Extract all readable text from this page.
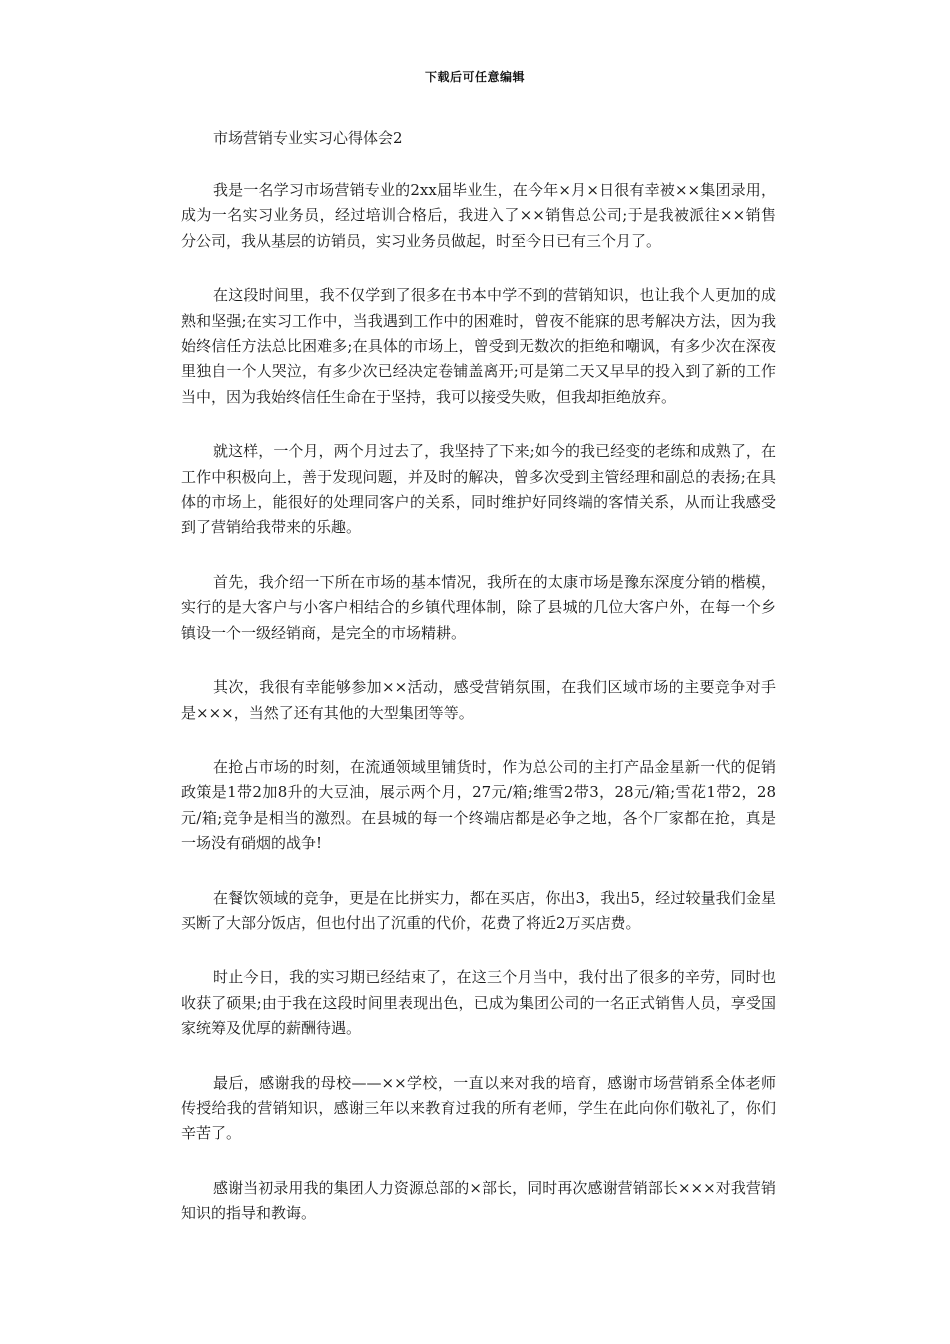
下载后可任意编辑
市场营销专业实习心得体会2

我是一名学习市场营销专业的2xx届毕业生，在今年×月×日很有幸被××集团录用，成为一名实习业务员，经过培训合格后，我进入了××销售总公司;于是我被派往××销售分公司，我从基层的访销员，实习业务员做起，时至今日已有三个月了。

在这段时间里，我不仅学到了很多在书本中学不到的营销知识，也让我个人更加的成熟和坚强;在实习工作中，当我遇到工作中的困难时，曾夜不能寐的思考解决方法，因为我始终信任方法总比困难多;在具体的市场上，曾受到无数次的拒绝和嘲讽，有多少次在深夜里独自一个人哭泣，有多少次已经决定卷铺盖离开;可是第二天又早早的投入到了新的工作当中，因为我始终信任生命在于坚持，我可以接受失败，但我却拒绝放弃。

就这样，一个月，两个月过去了，我坚持了下来;如今的我已经变的老练和成熟了，在工作中积极向上，善于发现问题，并及时的解决，曾多次受到主管经理和副总的表扬;在具体的市场上，能很好的处理同客户的关系，同时维护好同终端的客情关系，从而让我感受到了营销给我带来的乐趣。

首先，我介绍一下所在市场的基本情况，我所在的太康市场是豫东深度分销的楷模，实行的是大客户与小客户相结合的乡镇代理体制，除了县城的几位大客户外，在每一个乡镇设一个一级经销商，是完全的市场精耕。

其次，我很有幸能够参加××活动，感受营销氛围，在我们区域市场的主要竞争对手是×××，当然了还有其他的大型集团等等。

在抢占市场的时刻，在流通领域里铺货时，作为总公司的主打产品金星新一代的促销政策是1带2加8升的大豆油，展示两个月，27元/箱;维雪2带3，28元/箱;雪花1带2，28元/箱;竞争是相当的激烈。在县城的每一个终端店都是必争之地，各个厂家都在抢，真是一场没有硝烟的战争!

在餐饮领域的竞争，更是在比拼实力，都在买店，你出3，我出5，经过较量我们金星买断了大部分饭店，但也付出了沉重的代价，花费了将近2万买店费。

时止今日，我的实习期已经结束了，在这三个月当中，我付出了很多的辛劳，同时也收获了硕果;由于我在这段时间里表现出色，已成为集团公司的一名正式销售人员，享受国家统筹及优厚的薪酬待遇。

最后，感谢我的母校——××学校，一直以来对我的培育，感谢市场营销系全体老师传授给我的营销知识，感谢三年以来教育过我的所有老师，学生在此向你们敬礼了，你们辛苦了。

感谢当初录用我的集团人力资源总部的×部长，同时再次感谢营销部长×××对我营销知识的指导和教诲。
